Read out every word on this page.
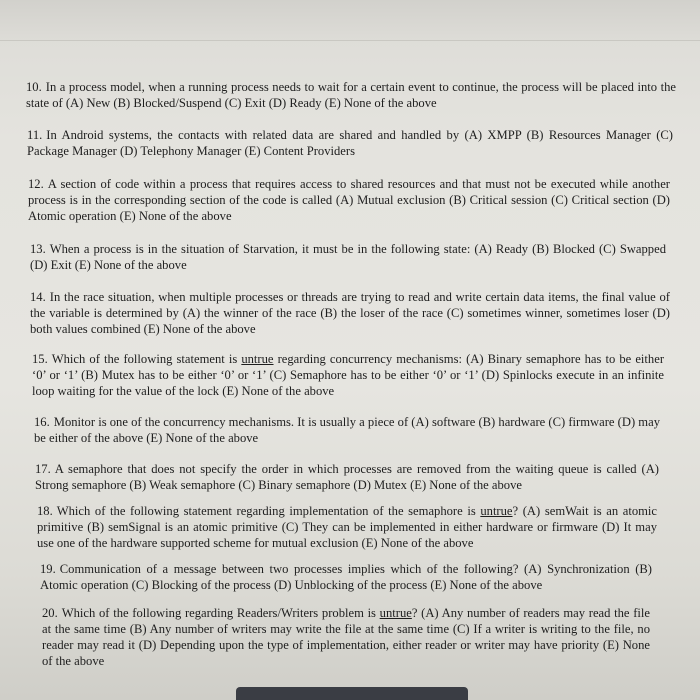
10. In a process model, when a running process needs to wait for a certain event to continue, the process will be placed into the state of (A) New (B) Blocked/Suspend (C) Exit (D) Ready (E) None of the above
11. In Android systems, the contacts with related data are shared and handled by (A) XMPP (B) Resources Manager (C) Package Manager (D) Telephony Manager (E) Content Providers
12. A section of code within a process that requires access to shared resources and that must not be executed while another process is in the corresponding section of the code is called (A) Mutual exclusion (B) Critical session (C) Critical section (D) Atomic operation (E) None of the above
13. When a process is in the situation of Starvation, it must be in the following state: (A) Ready (B) Blocked (C) Swapped (D) Exit (E) None of the above
14. In the race situation, when multiple processes or threads are trying to read and write certain data items, the final value of the variable is determined by (A) the winner of the race (B) the loser of the race (C) sometimes winner, sometimes loser (D) both values combined (E) None of the above
15. Which of the following statement is untrue regarding concurrency mechanisms: (A) Binary semaphore has to be either ‘0’ or ‘1’ (B) Mutex has to be either ‘0’ or ‘1’ (C) Semaphore has to be either ‘0’ or ‘1’ (D) Spinlocks execute in an infinite loop waiting for the value of the lock (E) None of the above
16. Monitor is one of the concurrency mechanisms. It is usually a piece of (A) software (B) hardware (C) firmware (D) may be either of the above (E) None of the above
17. A semaphore that does not specify the order in which processes are removed from the waiting queue is called (A) Strong semaphore (B) Weak semaphore (C) Binary semaphore (D) Mutex (E) None of the above
18. Which of the following statement regarding implementation of the semaphore is untrue? (A) semWait is an atomic primitive (B) semSignal is an atomic primitive (C) They can be implemented in either hardware or firmware (D) It may use one of the hardware supported scheme for mutual exclusion (E) None of the above
19. Communication of a message between two processes implies which of the following? (A) Synchronization (B) Atomic operation (C) Blocking of the process (D) Unblocking of the process (E) None of the above
20. Which of the following regarding Readers/Writers problem is untrue? (A) Any number of readers may read the file at the same time (B) Any number of writers may write the file at the same time (C) If a writer is writing to the file, no reader may read it (D) Depending upon the type of implementation, either reader or writer may have priority (E) None of the above
